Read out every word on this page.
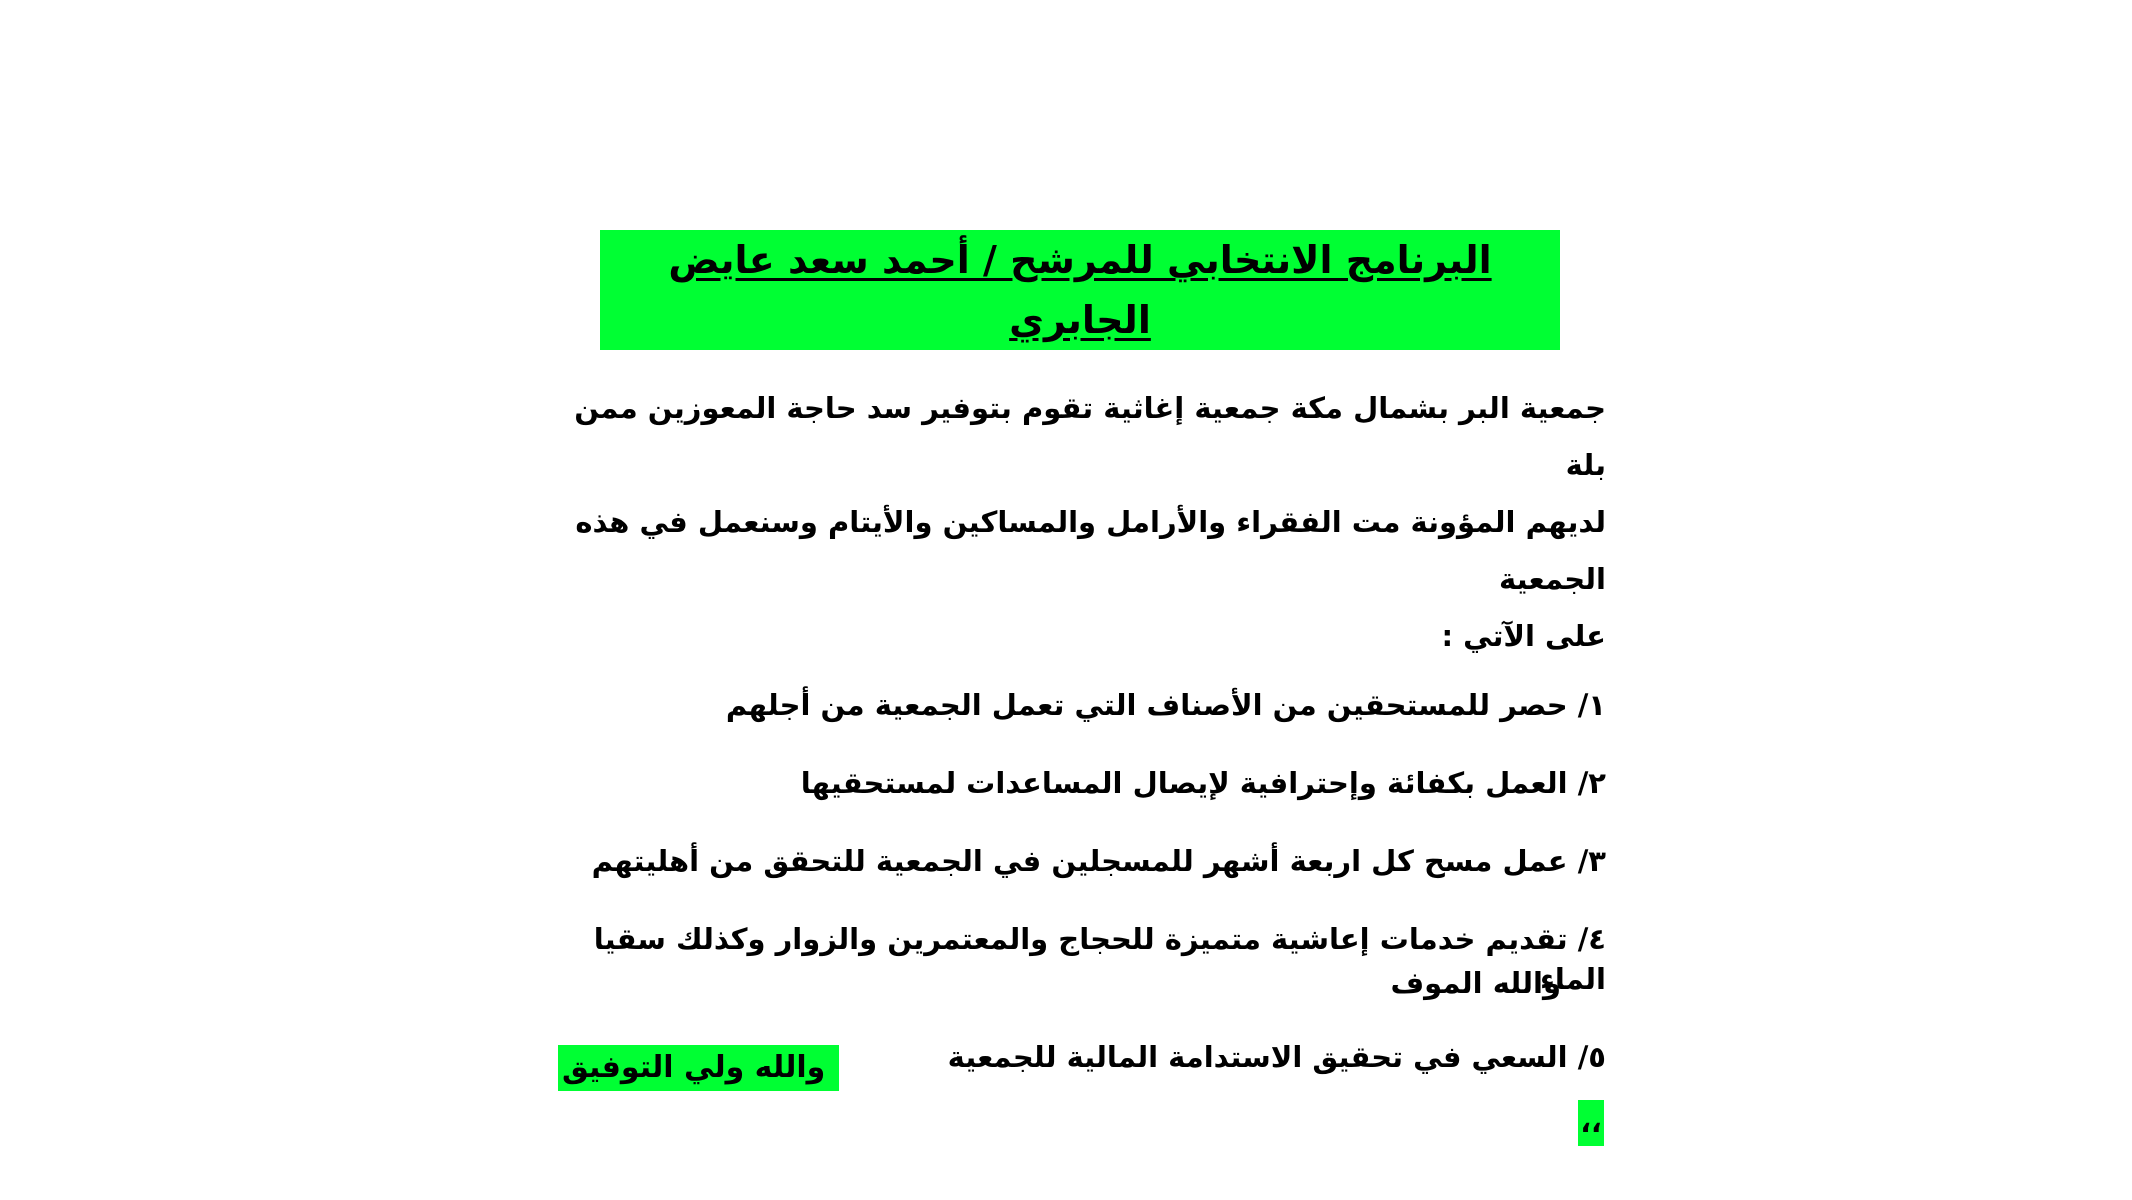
البرنامج الانتخابي للمرشح / أحمد سعد عايض الجابري

جمعية البر بشمال مكة جمعية إغاثية تقوم بتوفير سد حاجة المعوزين ممن بلة
لديهم المؤونة مت الفقراء والأرامل والمساكين والأيتام وسنعمل في هذه الجمعية
على الآتي :

١/ حصر للمستحقين من الأصناف التي تعمل الجمعية من أجلهم
٢/ العمل بكفائة وإحترافية لإيصال المساعدات لمستحقيها
٣/ عمل مسح كل اربعة أشهر للمسجلين في الجمعية للتحقق من أهليتهم
٤/ تقديم خدمات إعاشية متميزة للحجاج والمعتمرين والزوار وكذلك سقيا الماء
٥/ السعي في تحقيق الاستدامة المالية للجمعية
والله الموف
والله ولي التوفيق
،،
